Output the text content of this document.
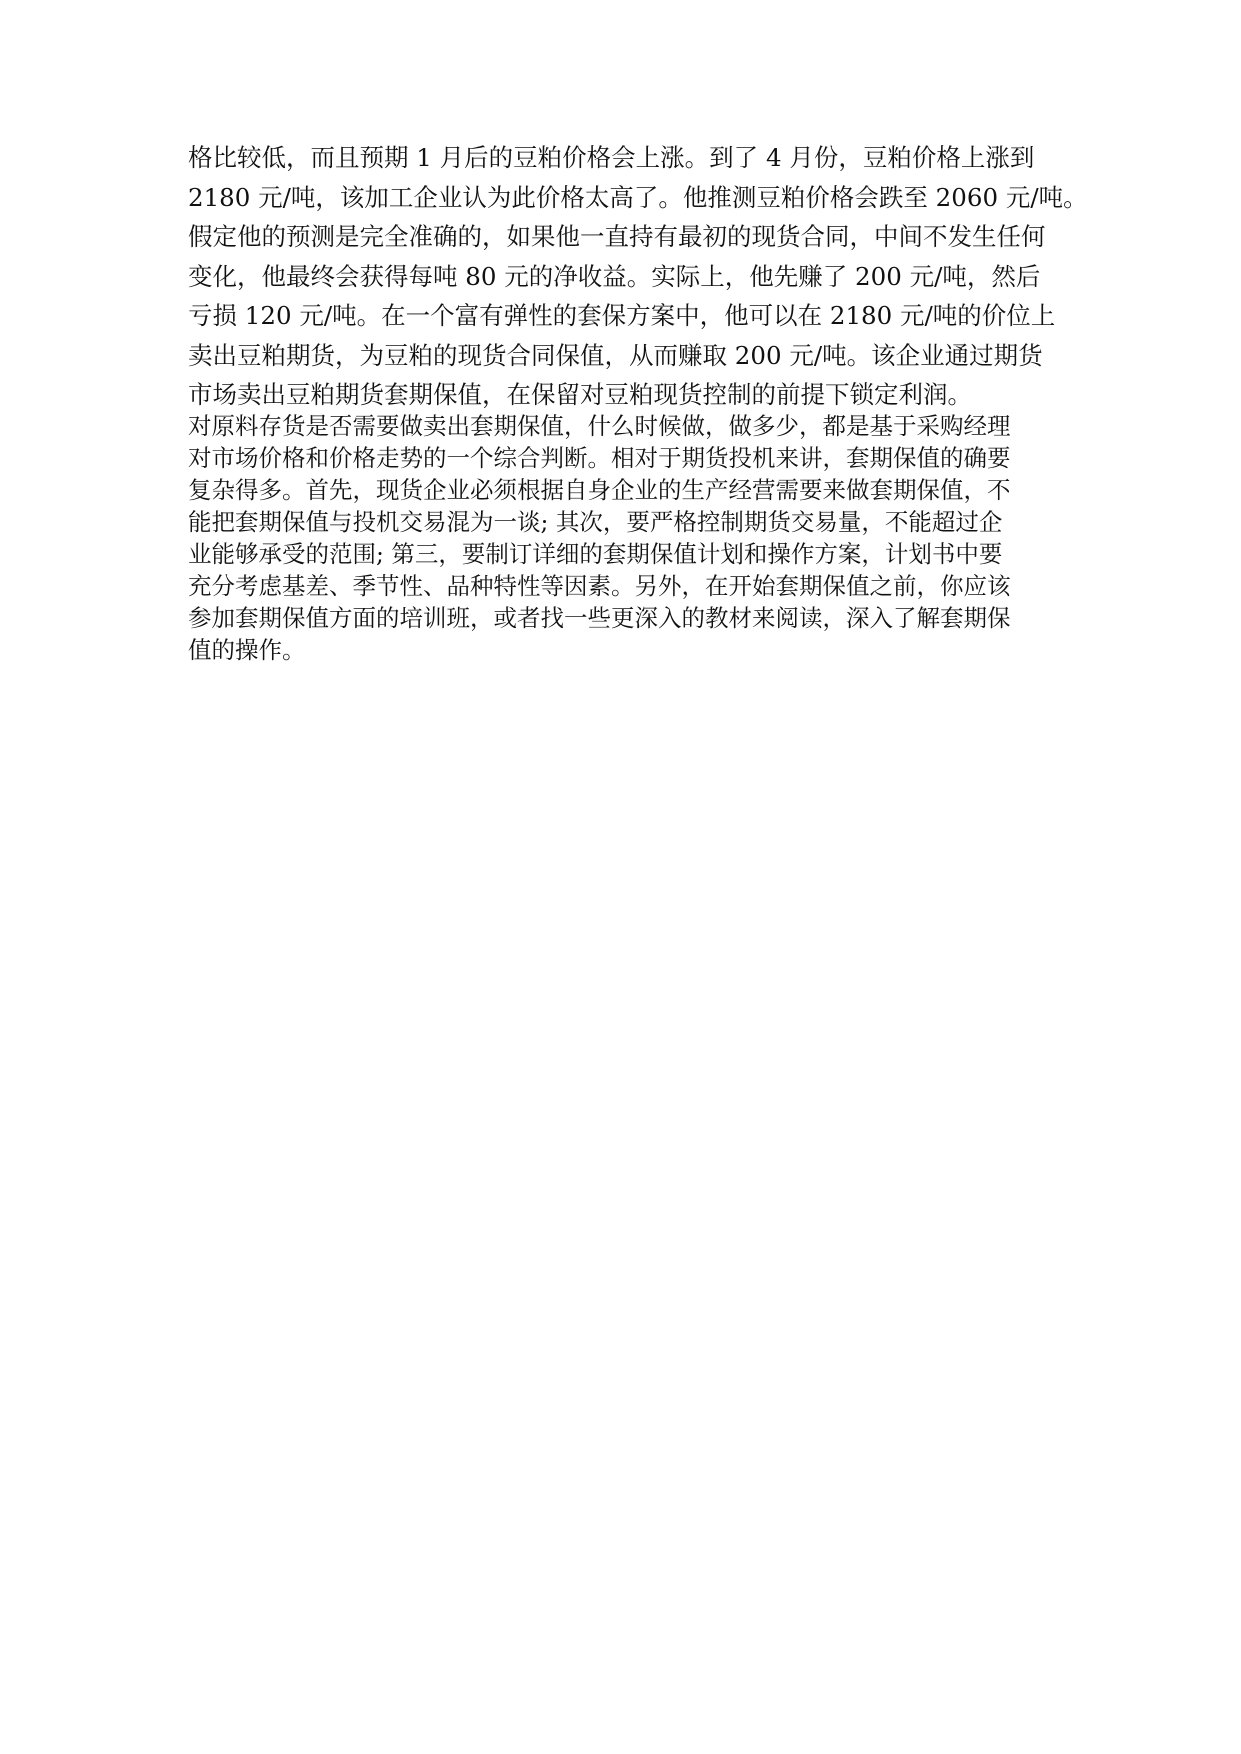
格比较低，而且预期 1 月后的豆粕价格会上涨。到了 4 月份，豆粕价格上涨到
2180 元/吨，该加工企业认为此价格太高了。他推测豆粕价格会跌至 2060 元/吨。
假定他的预测是完全准确的，如果他一直持有最初的现货合同，中间不发生任何
变化，他最终会获得每吨 80 元的净收益。实际上，他先赚了 200 元/吨，然后
亏损 120 元/吨。在一个富有弹性的套保方案中，他可以在 2180 元/吨的价位上
卖出豆粕期货，为豆粕的现货合同保值，从而赚取 200 元/吨。该企业通过期货
市场卖出豆粕期货套期保值，在保留对豆粕现货控制的前提下锁定利润。
对原料存货是否需要做卖出套期保值，什么时候做，做多少，都是基于采购经理
对市场价格和价格走势的一个综合判断。相对于期货投机来讲，套期保值的确要
复杂得多。首先，现货企业必须根据自身企业的生产经营需要来做套期保值，不
能把套期保值与投机交易混为一谈; 其次，要严格控制期货交易量，不能超过企
业能够承受的范围; 第三，要制订详细的套期保值计划和操作方案，计划书中要
充分考虑基差、季节性、品种特性等因素。另外，在开始套期保值之前，你应该
参加套期保值方面的培训班，或者找一些更深入的教材来阅读，深入了解套期保
值的操作。
